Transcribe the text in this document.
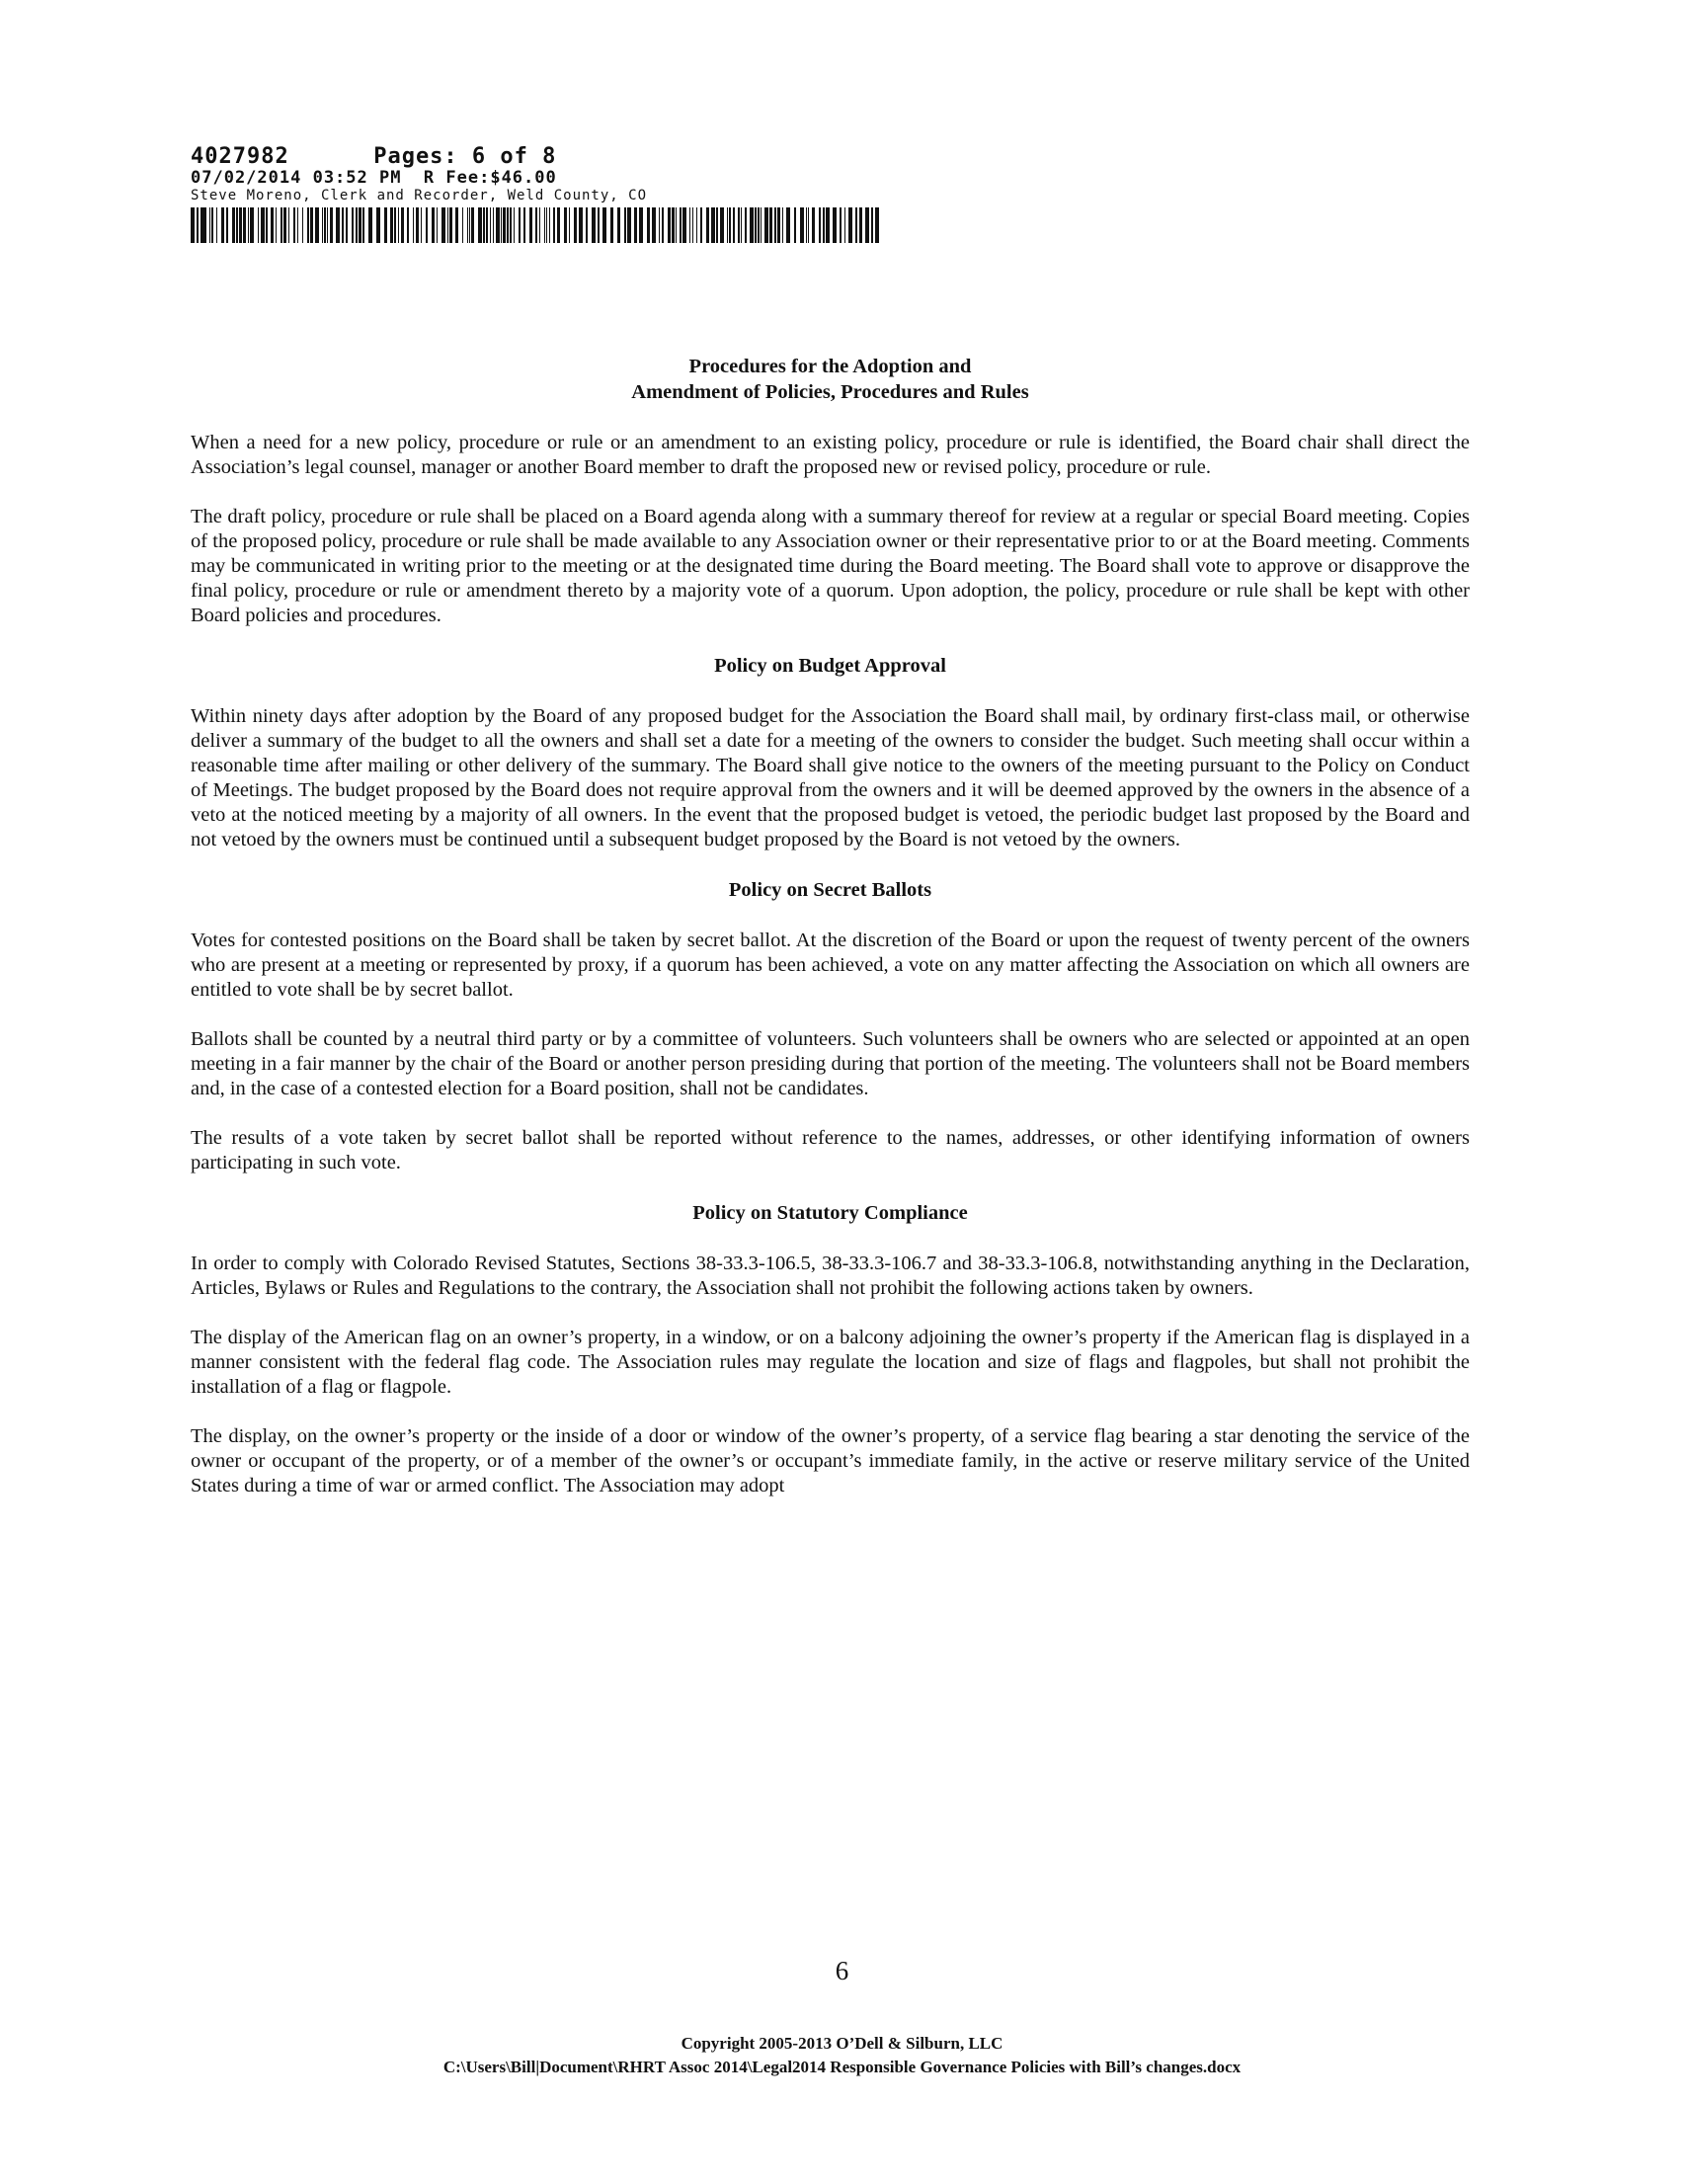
4027982	Pages: 6 of 8
07/02/2014 03:52 PM  R Fee:$46.00
Steve Moreno, Clerk and Recorder, Weld County, CO

Procedures for the Adoption and

Amendment of Policies, Procedures and Rules

When a need for a new policy, procedure or rule or an amendment to an existing policy, procedure or rule is identified, the Board chair shall direct the Association’s legal counsel, manager or another Board member to draft the proposed new or revised policy, procedure or rule.

The draft policy, procedure or rule shall be placed on a Board agenda along with a summary thereof for review at a regular or special Board meeting. Copies of the proposed policy, procedure or rule shall be made available to any Association owner or their representative prior to or at the Board meeting. Comments may be communicated in writing prior to the meeting or at the designated time during the Board meeting. The Board shall vote to approve or disapprove the final policy, procedure or rule or amendment thereto by a majority vote of a quorum. Upon adoption, the policy, procedure or rule shall be kept with other Board policies and procedures.

Policy on Budget Approval

Within ninety days after adoption by the Board of any proposed budget for the Association the Board shall mail, by ordinary first-class mail, or otherwise deliver a summary of the budget to all the owners and shall set a date for a meeting of the owners to consider the budget. Such meeting shall occur within a reasonable time after mailing or other delivery of the summary. The Board shall give notice to the owners of the meeting pursuant to the Policy on Conduct of Meetings. The budget proposed by the Board does not require approval from the owners and it will be deemed approved by the owners in the absence of a veto at the noticed meeting by a majority of all owners. In the event that the proposed budget is vetoed, the periodic budget last proposed by the Board and not vetoed by the owners must be continued until a subsequent budget proposed by the Board is not vetoed by the owners.

Policy on Secret Ballots

Votes for contested positions on the Board shall be taken by secret ballot. At the discretion of the Board or upon the request of twenty percent of the owners who are present at a meeting or represented by proxy, if a quorum has been achieved, a vote on any matter affecting the Association on which all owners are entitled to vote shall be by secret ballot.

Ballots shall be counted by a neutral third party or by a committee of volunteers. Such volunteers shall be owners who are selected or appointed at an open meeting in a fair manner by the chair of the Board or another person presiding during that portion of the meeting. The volunteers shall not be Board members and, in the case of a contested election for a Board position, shall not be candidates.

The results of a vote taken by secret ballot shall be reported without reference to the names, addresses, or other identifying information of owners participating in such vote.

Policy on Statutory Compliance

In order to comply with Colorado Revised Statutes, Sections 38-33.3-106.5, 38-33.3-106.7 and 38-33.3-106.8, notwithstanding anything in the Declaration, Articles, Bylaws or Rules and Regulations to the contrary, the Association shall not prohibit the following actions taken by owners.

The display of the American flag on an owner’s property, in a window, or on a balcony adjoining the owner’s property if the American flag is displayed in a manner consistent with the federal flag code. The Association rules may regulate the location and size of flags and flagpoles, but shall not prohibit the installation of a flag or flagpole.

The display, on the owner’s property or the inside of a door or window of the owner’s property, of a service flag bearing a star denoting the service of the owner or occupant of the property, or of a member of the owner’s or occupant’s immediate family, in the active or reserve military service of the United States during a time of war or armed conflict. The Association may adopt

6
Copyright 2005-2013 O’Dell & Silburn, LLC
C:\Users\Bill|Document\RHRT Assoc 2014\Legal2014 Responsible Governance Policies with Bill’s changes.docx
